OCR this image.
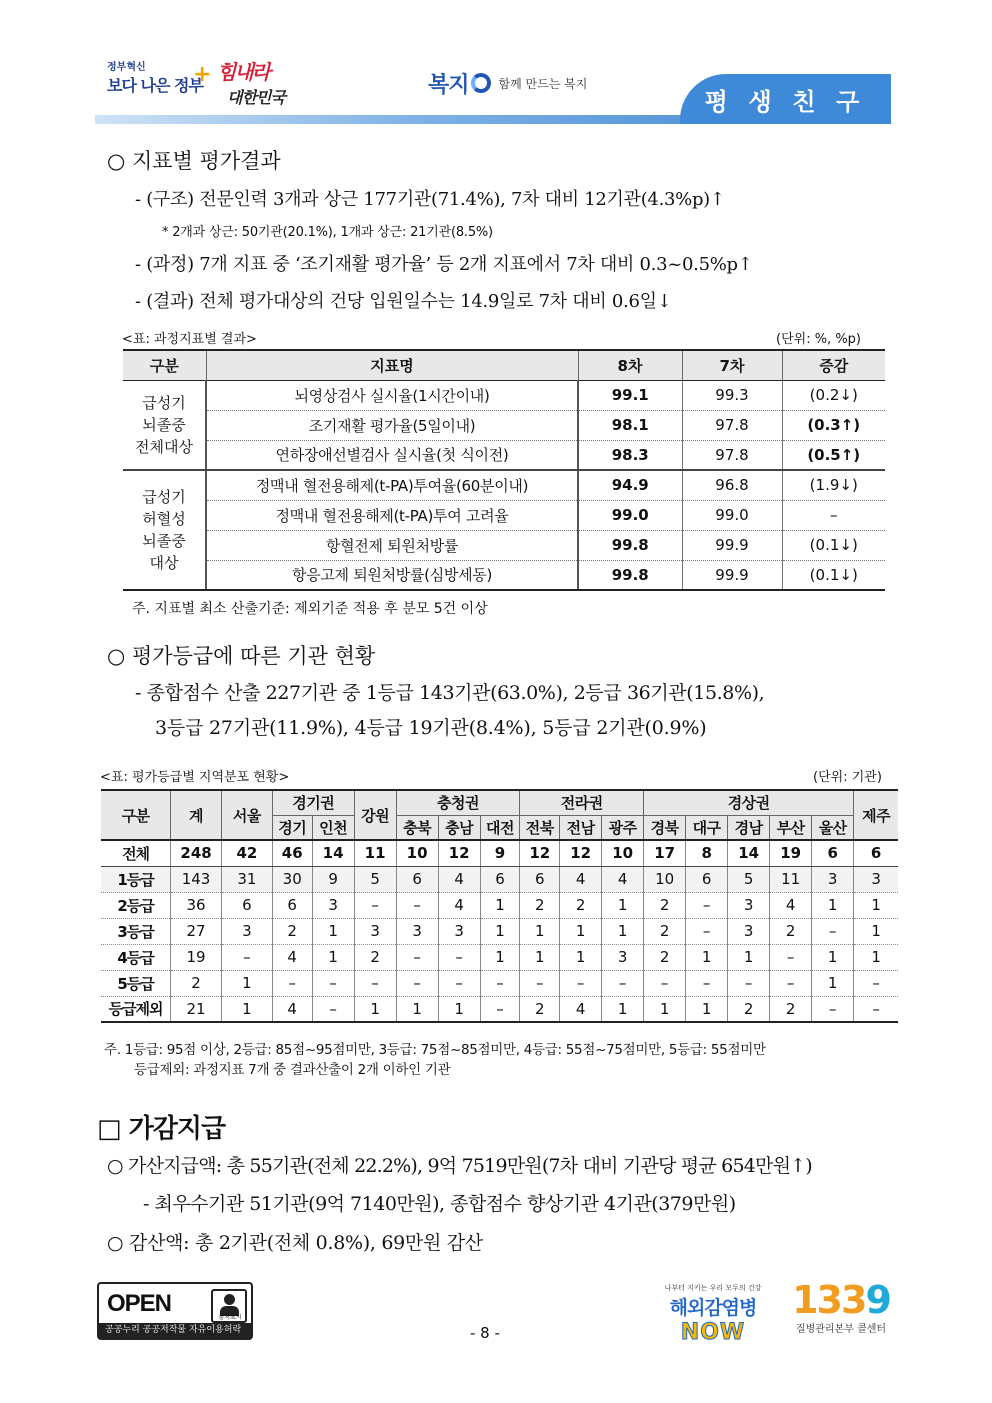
정부혁신
보다 나은 정부
+ 힘내라
대한민국	복지	함께 만드는 복지
평 생 친 구
○ 지표별 평가결과
- (구조) 전문인력 3개과 상근 177기관(71.4%), 7차 대비 12기관(4.3%p)↑
* 2개과 상근: 50기관(20.1%), 1개과 상근: 21기관(8.5%)
- (과정) 7개 지표 중 ‘조기재활 평가율’ 등 2개 지표에서 7차 대비 0.3~0.5%p↑
- (결과) 전체 평가대상의 건당 입원일수는 14.9일로 7차 대비 0.6일↓
<표: 과정지표별 결과>	(단위: %, %p)
구분	지표명	8차	7차	증감

급성기
뇌졸중
전체대상	뇌영상검사 실시율(1시간이내)	99.1	99.3	(0.2↓)
	조기재활 평가율(5일이내)	98.1	97.8	(0.3↑)
	연하장애선별검사 실시율(첫 식이전)	98.3	97.8	(0.5↑)

급성기
허혈성
뇌졸중
대상	정맥내 혈전용해제(t-PA)투여율(60분이내)	94.9	96.8	(1.9↓)
	정맥내 혈전용해제(t-PA)투여 고려율	99.0	99.0	–
	항혈전제 퇴원처방률	99.8	99.9	(0.1↓)
	항응고제 퇴원처방률(심방세동)	99.8	99.9	(0.1↓)
주. 지표별 최소 산출기준: 제외기준 적용 후 분모 5건 이상
○ 평가등급에 따른 기관 현황
- 종합점수 산출 227기관 중 1등급 143기관(63.0%), 2등급 36기관(15.8%),
3등급 27기관(11.9%), 4등급 19기관(8.4%), 5등급 2기관(0.9%)
<표: 평가등급별 지역분포 현황>	(단위: 기관)
구분	계	서울	경기권		강원	충청권			전라권			경상권					제주
			경기	인천		충북	충남	대전	전북	전남	광주	경북	대구	경남	부산	울산	
전체	248	42	46	14	11	10	12	9	12	12	10	17	8	14	19	6	6
1등급	143	31	30	9	5	6	4	6	6	4	4	10	6	5	11	3	3
2등급	36	6	6	3	–	–	4	1	2	2	1	2	–	3	4	1	1
3등급	27	3	2	1	3	3	3	1	1	1	1	2	–	3	2	–	1
4등급	19	–	4	1	2	–	–	1	1	1	3	2	1	1	–	1	1
5등급	2	1	–	–	–	–	–	–	–	–	–	–	–	–	–	1	–
등급제외	21	1	4	–	1	1	1	–	2	4	1	1	1	2	2	–	–
주. 1등급: 95점 이상, 2등급: 85점~95점미만, 3등급: 75점~85점미만, 4등급: 55점~75점미만, 5등급: 55점미만
등급제외: 과정지표 7개 중 결과산출이 2개 이하인 기관
□ 가감지급
○ 가산지급액: 총 55기관(전체 22.2%), 9억 7519만원(7차 대비 기관당 평균 654만원↑)
- 최우수기관 51기관(9억 7140만원), 종합점수 향상기관 4기관(379만원)
○ 감산액: 총 2기관(전체 0.8%), 69만원 감산
OPEN
출처표시
공공누리 공공저작물 자유이용허락	- 8 -
나부터 지키는 우리 모두의 건강
해외감염병
NOW
1339
질병관리본부 콜센터
